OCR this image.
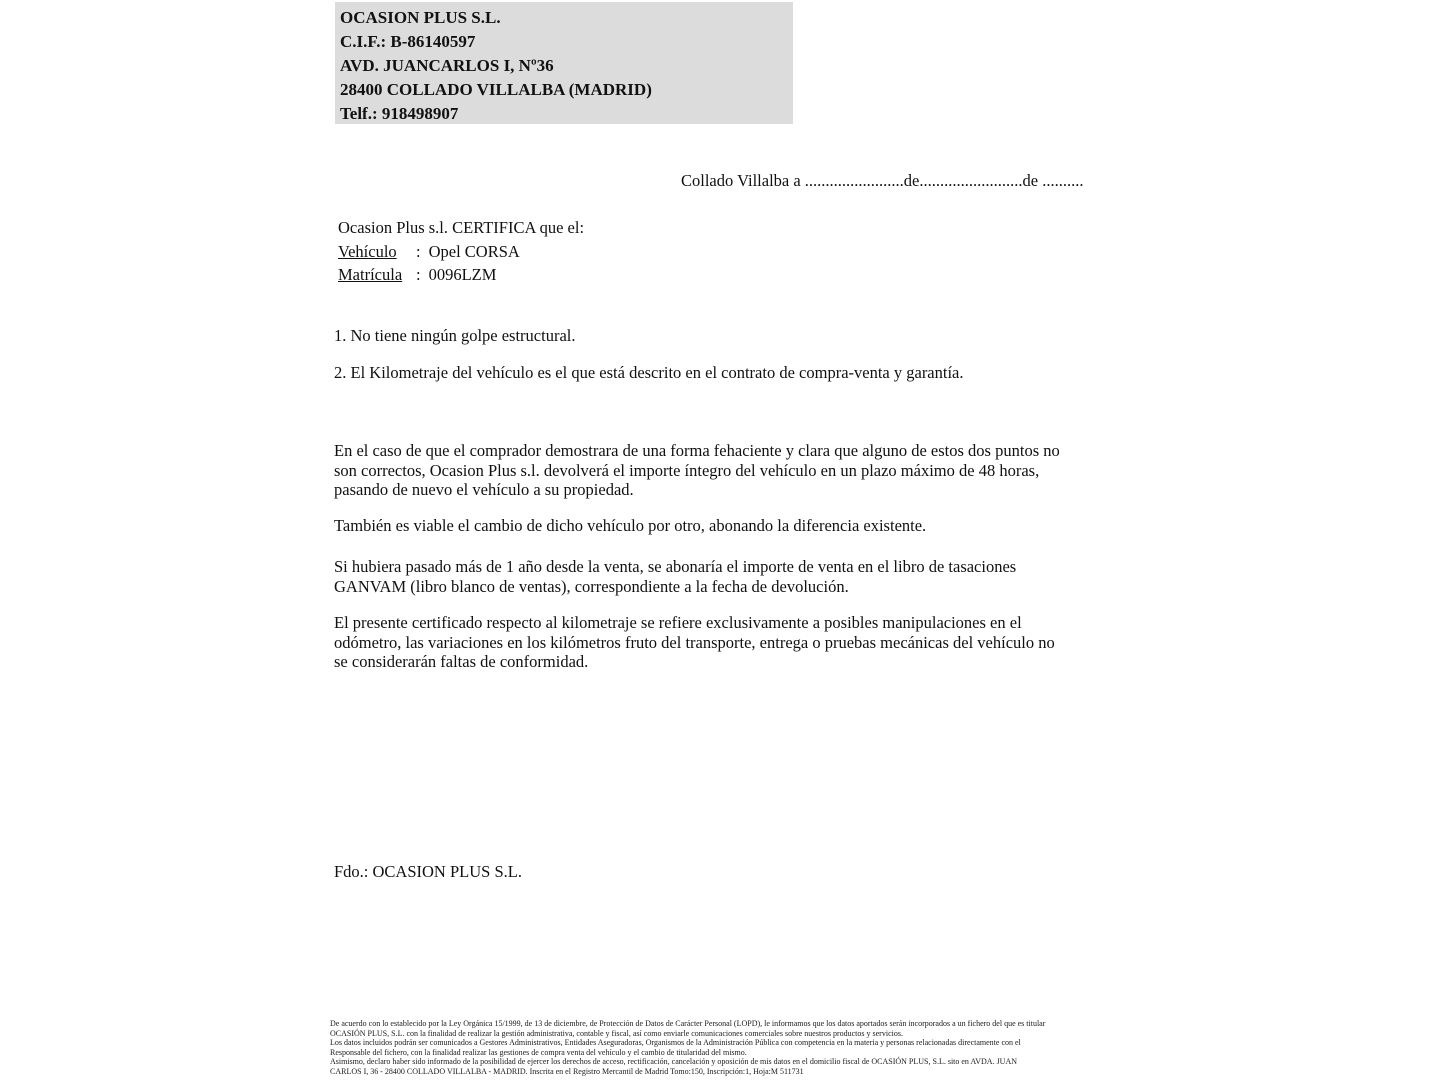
OCASION PLUS S.L.
C.I.F.: B-86140597
AVD. JUANCARLOS I, Nº36
28400 COLLADO VILLALBA (MADRID)
Telf.: 918498907
Collado Villalba a ........................de.........................de ..........
Ocasion Plus s.l. CERTIFICA que el:
Vehículo : Opel CORSA
Matrícula : 0096LZM
1. No tiene ningún golpe estructural.
2. El Kilometraje del vehículo es el que está descrito en el contrato de compra-venta y garantía.
En el caso de que el comprador demostrara de una forma fehaciente y clara que alguno de estos dos puntos no
son correctos, Ocasion Plus s.l. devolverá el importe íntegro del vehículo en un plazo máximo de 48 horas,
pasando de nuevo el vehículo a su propiedad.
También es viable el cambio de dicho vehículo por otro, abonando la diferencia existente.
Si hubiera pasado más de 1 año desde la venta, se abonaría el importe de venta en el libro de tasaciones
GANVAM (libro blanco de ventas), correspondiente a la fecha de devolución.
El presente certificado respecto al kilometraje se refiere exclusivamente a posibles manipulaciones en el
odómetro, las variaciones en los kilómetros fruto del transporte, entrega o pruebas mecánicas del vehículo no
se considerarán faltas de conformidad.
Fdo.: OCASION PLUS S.L.
De acuerdo con lo establecido por la Ley Orgánica 15/1999, de 13 de diciembre, de Protección de Datos de Carácter Personal (LOPD), le informamos que los datos aportados serán incorporados a un fichero del que es titular
OCASIÓN PLUS, S.L. con la finalidad de realizar la gestión administrativa, contable y fiscal, así como enviarle comunicaciones comerciales sobre nuestros productos y servicios.
Los datos incluidos podrán ser comunicados a Gestores Administrativos, Entidades Aseguradoras, Organismos de la Administración Pública con competencia en la materia y personas relacionadas directamente con el
Responsable del fichero, con la finalidad realizar las gestiones de compra venta del vehículo y el cambio de titularidad del mismo.
Asimismo, declaro haber sido informado de la posibilidad de ejercer los derechos de acceso, rectificación, cancelación y oposición de mis datos en el domicilio fiscal de OCASIÓN PLUS, S.L. sito en AVDA. JUAN
CARLOS I, 36 - 28400 COLLADO VILLALBA - MADRID. Inscrita en el Registro Mercantil de Madrid Tomo:150, Inscripción:1, Hoja:M 511731
